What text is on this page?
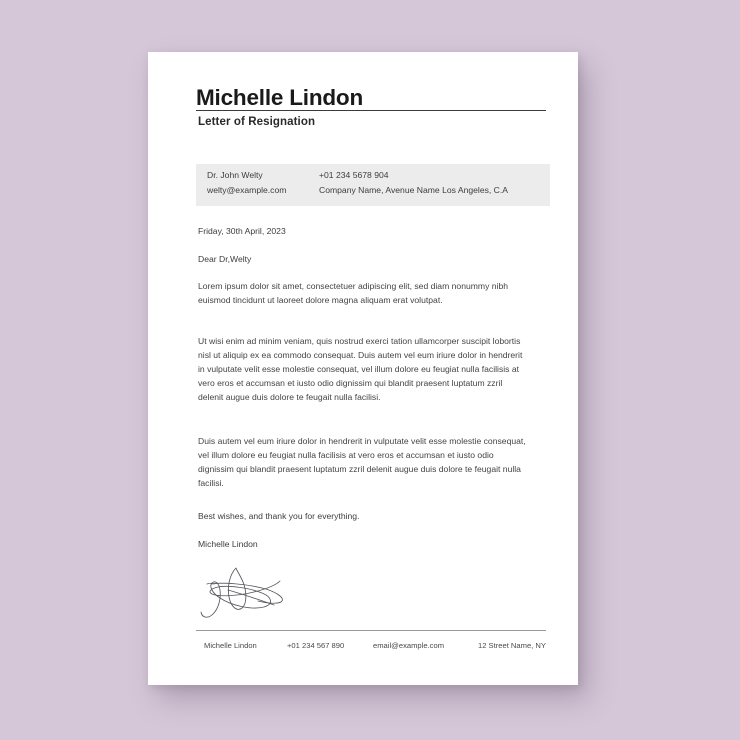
Michelle Lindon
Letter of Resignation
Dr. John Welty	+01 234 5678 904
welty@example.com	Company Name, Avenue Name Los Angeles, C.A
Friday, 30th April, 2023
Dear Dr,Welty
Lorem ipsum dolor sit amet, consectetuer adipiscing elit, sed diam nonummy nibh euismod tincidunt ut laoreet dolore magna aliquam erat volutpat.
Ut wisi enim ad minim veniam, quis nostrud exerci tation ullamcorper suscipit lobortis nisl ut aliquip ex ea commodo consequat. Duis autem vel eum iriure dolor in hendrerit in vulputate velit esse molestie consequat, vel illum dolore eu feugiat nulla facilisis at vero eros et accumsan et iusto odio dignissim qui blandit praesent luptatum zzril delenit augue duis dolore te feugait nulla facilisi.
Duis autem vel eum iriure dolor in hendrerit in vulputate velit esse molestie consequat, vel illum dolore eu feugiat nulla facilisis at vero eros et accumsan et iusto odio dignissim qui blandit praesent luptatum zzril delenit augue duis dolore te feugait nulla facilisi.
Best wishes, and thank you for everything.
Michelle Lindon
Michelle Lindon	+01 234 567 890	email@example.com	12 Street Name, NY
